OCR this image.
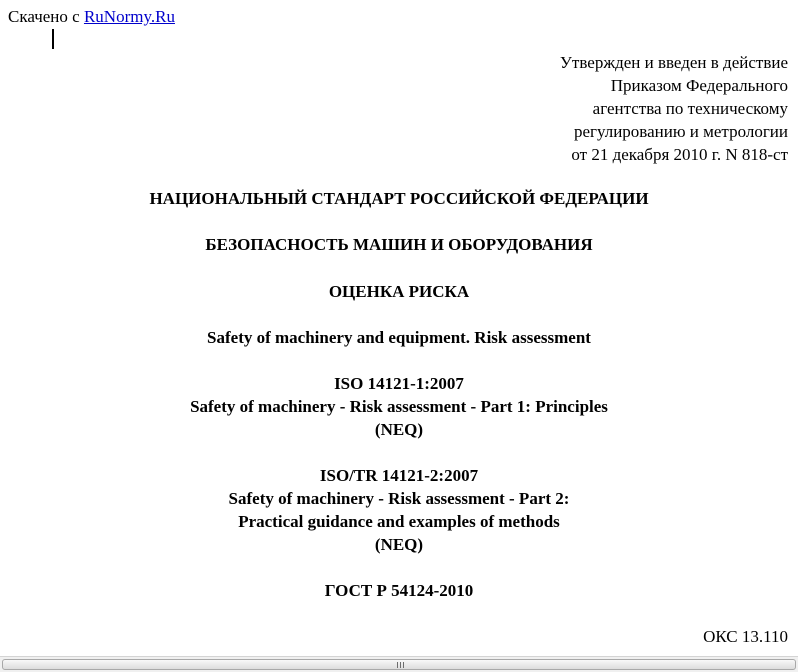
Скачено с RuNormy.Ru
Утвержден и введен в действие
Приказом Федерального
агентства по техническому
регулированию и метрологии
от 21 декабря 2010 г. N 818-ст
НАЦИОНАЛЬНЫЙ СТАНДАРТ РОССИЙСКОЙ ФЕДЕРАЦИИ
БЕЗОПАСНОСТЬ МАШИН И ОБОРУДОВАНИЯ
ОЦЕНКА РИСКА
Safety of machinery and equipment. Risk assessment
ISO 14121-1:2007
Safety of machinery - Risk assessment - Part 1: Principles
(NEQ)
ISO/TR 14121-2:2007
Safety of machinery - Risk assessment - Part 2:
Practical guidance and examples of methods
(NEQ)
ГОСТ Р 54124-2010
ОКС 13.110
